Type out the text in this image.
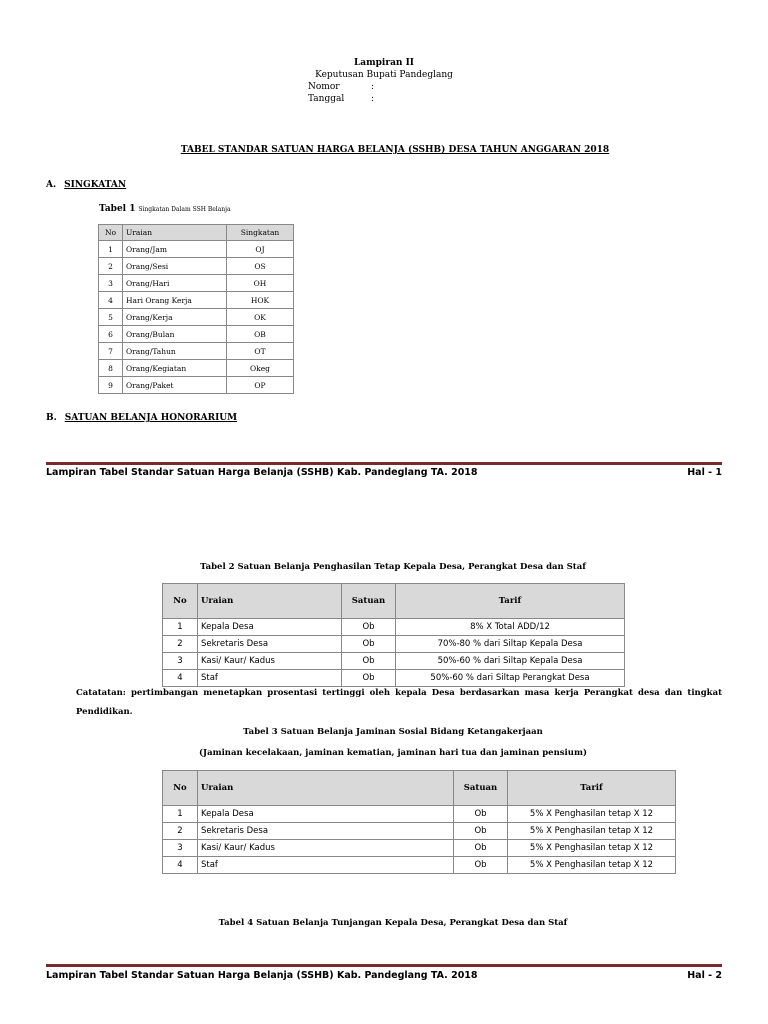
Lampiran II
Keputusan Bupati Pandeglang
Nomor	:
Tanggal	:
TABEL STANDAR SATUAN HARGA BELANJA (SSHB) DESA TAHUN ANGGARAN 2018
A. SINGKATAN
Tabel 1 Singkatan Dalam SSH Belanja
No	Uraian	Singkatan
1	Orang/Jam	OJ
2	Orang/Sesi	OS
3	Orang/Hari	OH
4	Hari Orang Kerja	HOK
5	Orang/Kerja	OK
6	Orang/Bulan	OB
7	Orang/Tahun	OT
8	Orang/Kegiatan	Okeg
9	Orang/Paket	OP
B. SATUAN BELANJA HONORARIUM
Lampiran Tabel Standar Satuan Harga Belanja (SSHB) Kab. Pandeglang TA. 2018	Hal - 1
Tabel 2 Satuan Belanja Penghasilan Tetap Kepala Desa, Perangkat Desa dan Staf
No	Uraian	Satuan	Tarif
1	Kepala Desa	Ob	8% X Total ADD/12
2	Sekretaris Desa	Ob	70%-80 % dari Siltap Kepala Desa
3	Kasi/ Kaur/ Kadus	Ob	50%-60 % dari Siltap Kepala Desa
4	Staf	Ob	50%-60 % dari Siltap Perangkat Desa
Catatatan: pertimbangan menetapkan prosentasi tertinggi oleh kepala Desa berdasarkan masa kerja Perangkat desa dan tingkat Pendidikan.
Tabel 3 Satuan Belanja Jaminan Sosial Bidang Ketangakerjaan
(Jaminan kecelakaan, jaminan kematian, jaminan hari tua dan jaminan pensium)
No	Uraian	Satuan	Tarif
1	Kepala Desa	Ob	5% X Penghasilan tetap X 12
2	Sekretaris Desa	Ob	5% X Penghasilan tetap X 12
3	Kasi/ Kaur/ Kadus	Ob	5% X Penghasilan tetap X 12
4	Staf	Ob	5% X Penghasilan tetap X 12
Tabel 4 Satuan Belanja Tunjangan Kepala Desa, Perangkat Desa dan Staf
Lampiran Tabel Standar Satuan Harga Belanja (SSHB) Kab. Pandeglang TA. 2018	Hal - 2
